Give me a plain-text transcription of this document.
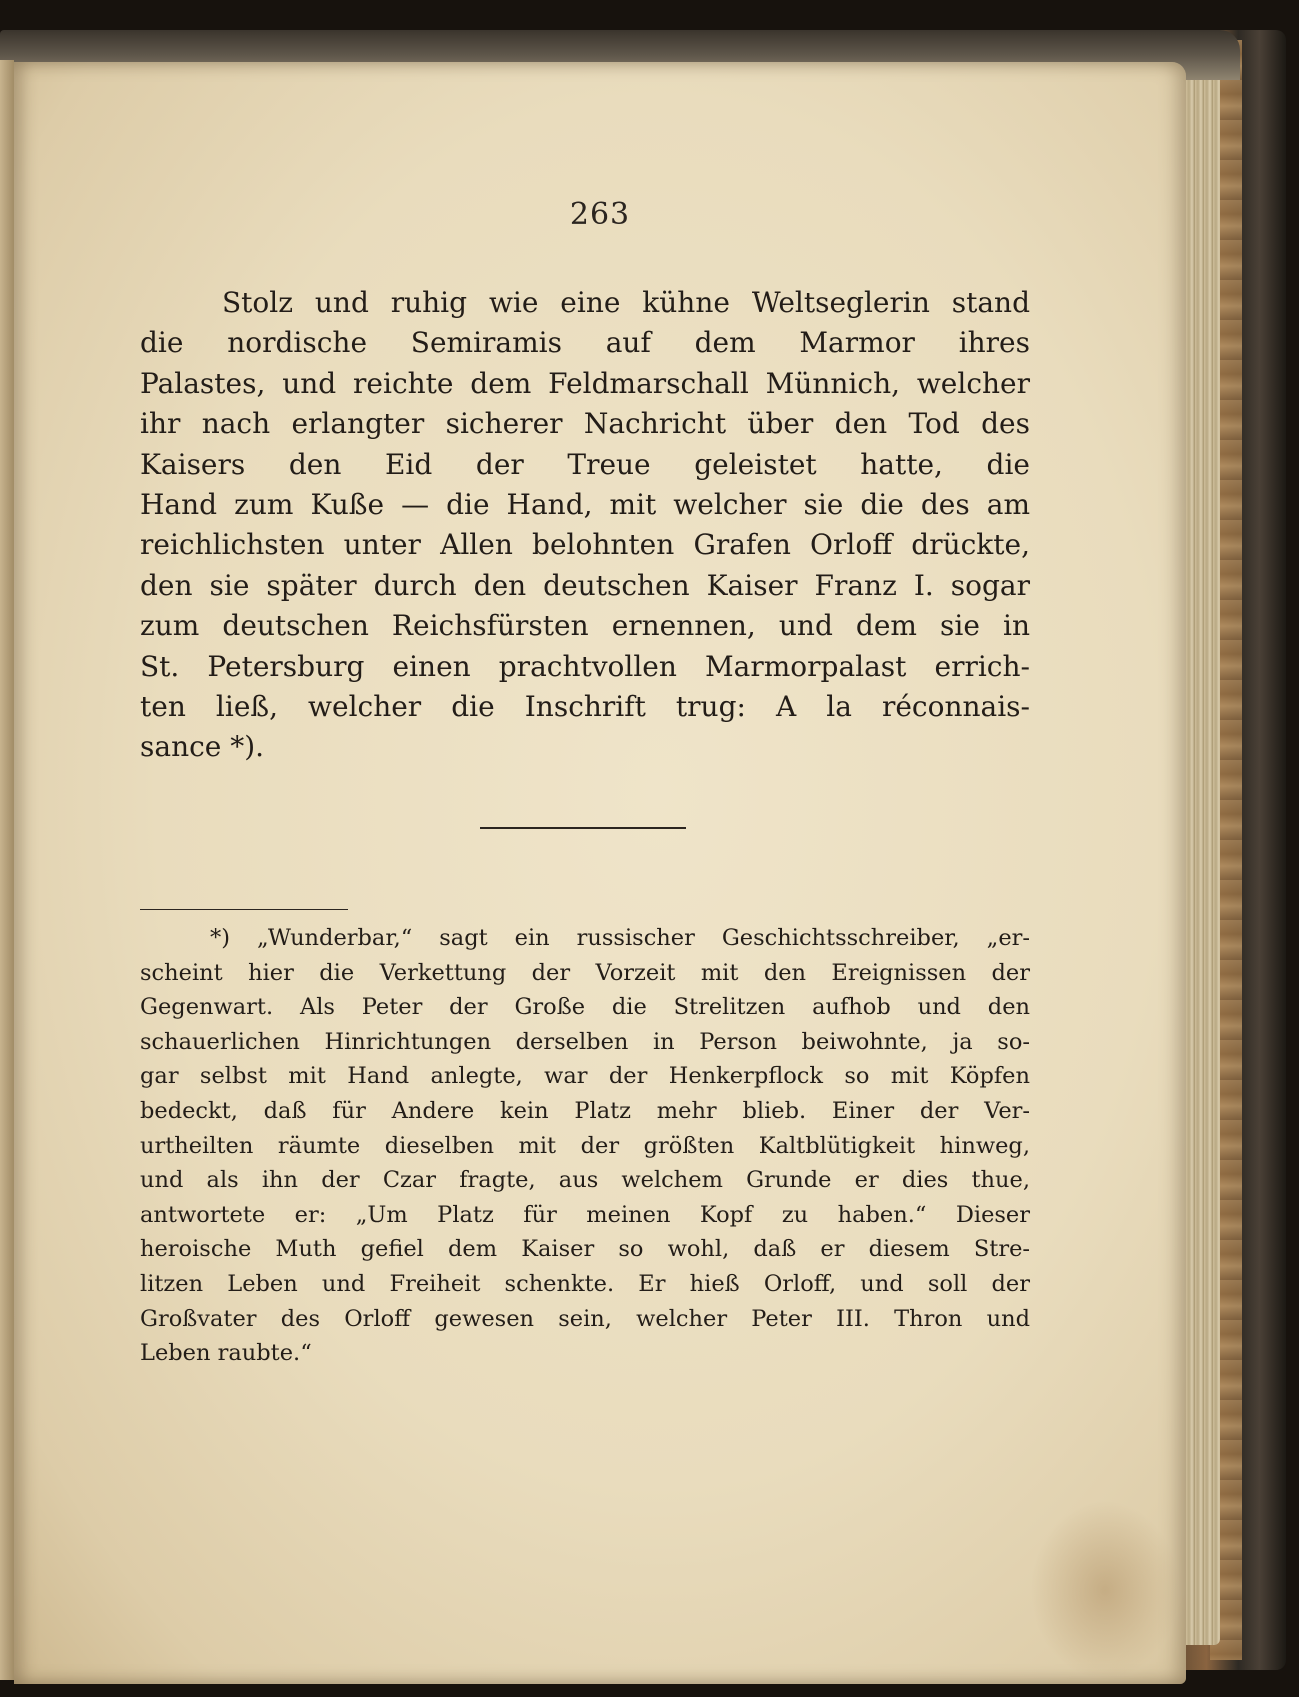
263
Stolz und ruhig wie eine kühne Weltseglerin stand
die nordische Semiramis auf dem Marmor ihres
Palastes, und reichte dem Feldmarschall Münnich, welcher
ihr nach erlangter sicherer Nachricht über den Tod des
Kaisers den Eid der Treue geleistet hatte, die
Hand zum Kuße — die Hand, mit welcher sie die des am
reichlichsten unter Allen belohnten Grafen Orloff drückte,
den sie später durch den deutschen Kaiser Franz I. sogar
zum deutschen Reichsfürsten ernennen, und dem sie in
St. Petersburg einen prachtvollen Marmorpalast errich-
ten ließ, welcher die Inschrift trug: A la réconnais-
sance *).
*) „Wunderbar,“ sagt ein russischer Geschichtsschreiber, „er-
scheint hier die Verkettung der Vorzeit mit den Ereignissen der
Gegenwart. Als Peter der Große die Strelitzen aufhob und den
schauerlichen Hinrichtungen derselben in Person beiwohnte, ja so-
gar selbst mit Hand anlegte, war der Henkerpflock so mit Köpfen
bedeckt, daß für Andere kein Platz mehr blieb. Einer der Ver-
urtheilten räumte dieselben mit der größten Kaltblütigkeit hinweg,
und als ihn der Czar fragte, aus welchem Grunde er dies thue,
antwortete er: „Um Platz für meinen Kopf zu haben.“ Dieser
heroische Muth gefiel dem Kaiser so wohl, daß er diesem Stre-
litzen Leben und Freiheit schenkte. Er hieß Orloff, und soll der
Großvater des Orloff gewesen sein, welcher Peter III. Thron und
Leben raubte.“
